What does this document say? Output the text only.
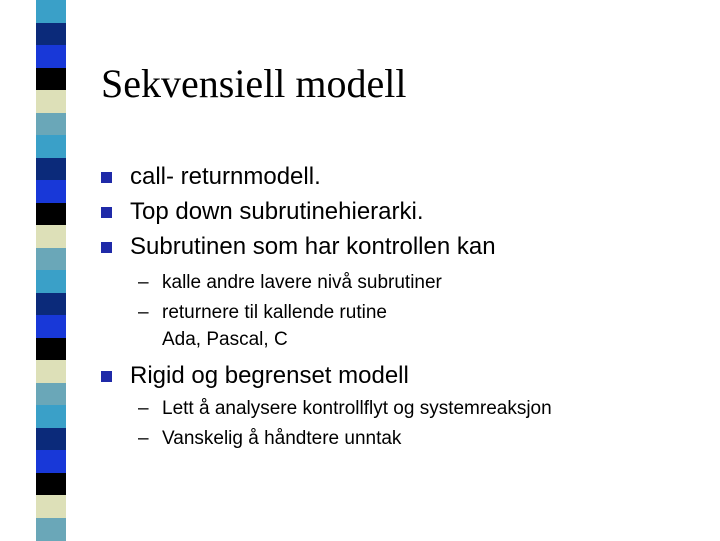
Sekvensiell modell
call- returnmodell.
Top down subrutinehierarki.
Subrutinen som har kontrollen kan
– kalle andre lavere nivå subrutiner
– returnere til kallende rutine
Ada, Pascal, C
Rigid og begrenset modell
– Lett å analysere kontrollflyt og systemreaksjon
– Vanskelig å håndtere unntak
